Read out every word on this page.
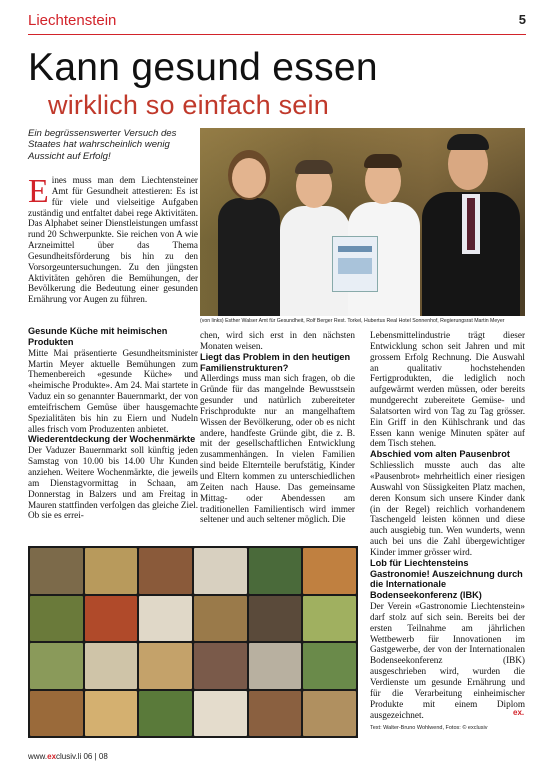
Liechtenstein	5
Kann gesund essen
wirklich so einfach sein
Ein begrüssenswerter Versuch des Staates hat wahrscheinlich wenig Aussicht auf Erfolg!
(von links) Esther Walser Amt für Gesundheit, Rolf Berger Rest. Torkel, Hubertus Real Hotel Sonnenhof, Regierungsrat Martin Meyer
E ines muss man dem Liechtensteiner Amt für Gesundheit attestieren: Es ist für viele und vielseitige Aufgaben zuständig und entfaltet dabei rege Aktivitäten. Das Alphabet seiner Dienstleistungen umfasst rund 20 Schwerpunkte. Sie reichen von A wie Arzneimittel über das Thema Gesundheitsförderung bis hin zu den Vorsorgeuntersuchungen. Zu den jüngsten Aktivitäten gehören die Bemühungen, der Bevölkerung die Bedeutung einer gesunden Ernährung vor Augen zu führen.

Gesunde Küche mit heimischen Produkten

Mitte Mai präsentierte Gesundheitsminister Martin Meyer aktuelle Bemühungen zum Themenbereich «gesunde Küche» und «heimische Produkte». Am 24. Mai startete in Vaduz ein so genannter Bauernmarkt, der von emteifrischem Gemüse über hausgemachte Spezialitäten bis hin zu Eiern und Nudeln alles frisch vom Produzenten anbietet.

Wiederentdeckung der Wochenmärkte

Der Vaduzer Bauernmarkt soll künftig jeden Samstag von 10.00 bis 14.00 Uhr Kunden anziehen. Weitere Wochenmärkte, die jeweils am Dienstagvormittag in Schaan, am Donnerstag in Balzers und am Freitag in Mauren stattfinden verfolgen das gleiche Ziel. Ob sie es errei-

chen, wird sich erst in den nächsten Monaten weisen.

Liegt das Problem in den heutigen Familienstrukturen?

Allerdings muss man sich fragen, ob die Gründe für das mangelnde Bewusstsein gesunder und natürlich zubereiteter Frischprodukte nur an mangelhaftem Wissen der Bevölkerung, oder ob es nicht andere, handfeste Gründe gibt, die z. B. mit der gesellschaftlichen Entwicklung zusammenhängen. In vielen Familien sind beide Elternteile berufstätig, Kinder und Eltern kommen zu unterschiedlichen Zeiten nach Hause. Das gemeinsame Mittag- oder Abendessen am traditionellen Familientisch wird immer seltener und auch seltener möglich. Die

Lebensmittelindustrie trägt dieser Entwicklung schon seit Jahren und mit grossem Erfolg Rechnung. Die Auswahl an qualitativ hochstehenden Fertigprodukten, die lediglich noch aufgewärmt werden müssen, oder bereits mundgerecht zubereitete Gemüse- und Salatsorten wird von Tag zu Tag grösser. Ein Griff in den Kühlschrank und das Essen kann wenige Minuten später auf dem Tisch stehen.

Abschied vom alten Pausenbrot

Schliesslich musste auch das alte «Pausenbrot» mehrheitlich einer riesigen Auswahl von Süssigkeiten Platz machen, deren Konsum sich unsere Kinder dank (in der Regel) reichlich vorhandenem Taschengeld leisten können und diese auch ausgiebig tun. Wen wunderts, wenn auch bei uns die Zahl übergewichtiger Kinder immer grösser wird.

Lob für Liechtensteins Gastronomie! Auszeichnung durch die Internationale Bodenseekonferenz (IBK)

Der Verein «Gastronomie Liechtenstein» darf stolz auf sich sein. Bereits bei der ersten Teilnahme am jährlichen Wettbewerb für Innovationen im Gastgewerbe, der von der Internationalen Bodenseekonferenz (IBK) ausgeschrieben wird, wurden die Verdienste um gesunde Ernährung und für die Verarbeitung einheimischer Produkte mit einem Diplom ausgezeichnet.	ex.
Text: Walter-Bruno Wohlwend, Fotos: © exclusiv
www.exclusiv.li 06 | 08
